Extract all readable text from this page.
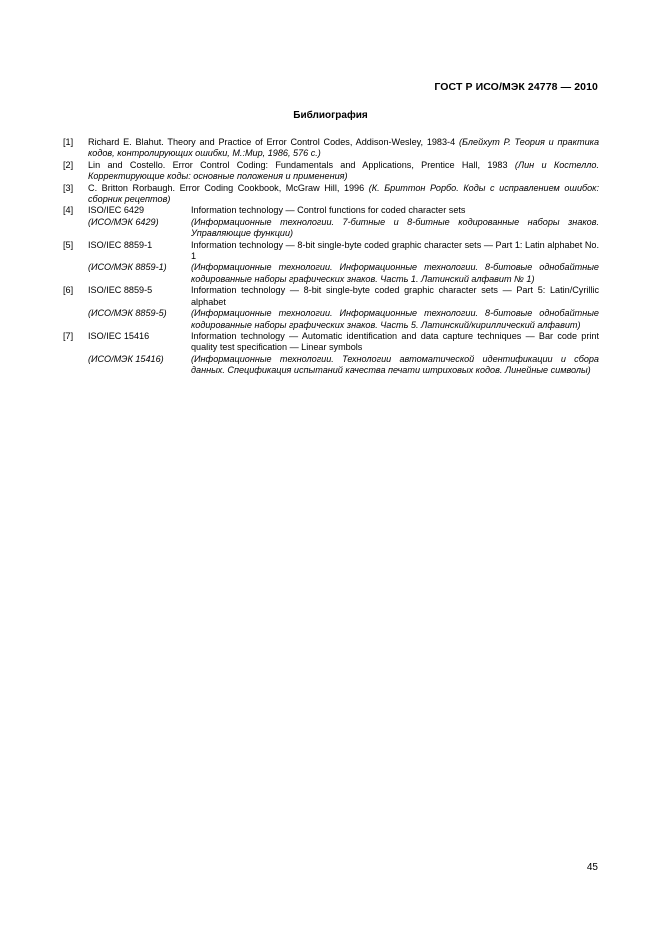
ГОСТ Р ИСО/МЭК 24778 — 2010

Библиография

[1] Richard E. Blahut. Theory and Practice of Error Control Codes, Addison-Wesley, 1983-4 (Блейхут Р. Теория и практика кодов, контролирующих ошибки, М.:Мир, 1986, 576 с.)
[2] Lin and Costello. Error Control Coding: Fundamentals and Applications, Prentice Hall, 1983 (Лин и Костелло. Корректирующие коды: основные положения и применения)
[3] C. Britton Rorbaugh. Error Coding Cookbook, McGraw Hill, 1996 (К. Бриттон Рорбо. Коды с исправлением ошибок: сборник рецептов)
[4] ISO/IEC 6429	Information technology — Control functions for coded character sets
(ИСО/МЭК 6429)	(Информационные технологии. 7-битные и 8-битные кодированные наборы знаков. Управляющие функции)
[5] ISO/IEC 8859-1	Information technology — 8-bit single-byte coded graphic character sets — Part 1: Latin alphabet No. 1
(ИСО/МЭК 8859-1)	(Информационные технологии. Информационные технологии. 8-битовые однобайтные кодированные наборы графических знаков. Часть 1. Латинский алфавит № 1)
[6] ISO/IEC 8859-5	Information technology — 8-bit single-byte coded graphic character sets — Part 5: Latin/Cyrillic alphabet
(ИСО/МЭК 8859-5)	(Информационные технологии. Информационные технологии. 8-битовые однобайтные кодированные наборы графических знаков. Часть 5. Латинский/кириллический алфавит)
[7] ISO/IEC 15416	Information technology — Automatic identification and data capture techniques — Bar code print quality test specification — Linear symbols
(ИСО/МЭК 15416)	(Информационные технологии. Технологии автоматической идентификации и сбора данных. Спецификация испытаний качества печати штриховых кодов. Линейные символы)

45
